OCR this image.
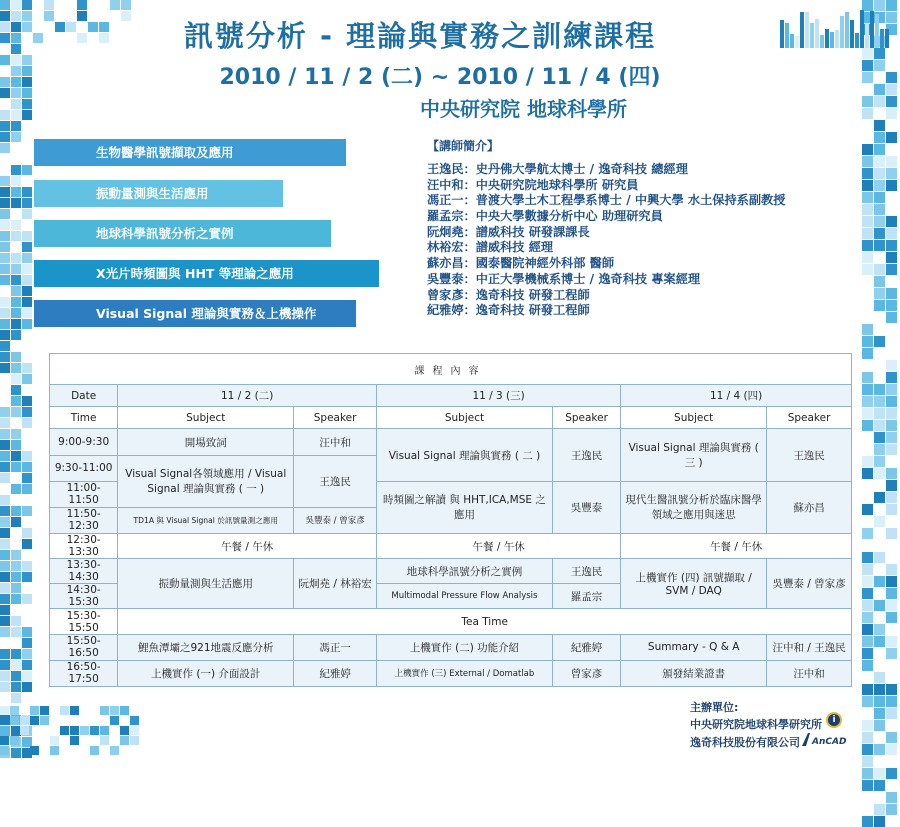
訊號分析 - 理論與實務之訓練課程
2010 / 11 / 2 (二) ~ 2010 / 11 / 4 (四)
中央研究院 地球科學所
生物醫學訊號擷取及應用
振動量測與生活應用
地球科學訊號分析之實例
X光片時頻圖與 HHT 等理論之應用
Visual Signal 理論與實務＆上機操作
【講師簡介】
王逸民：史丹佛大學航太博士 / 逸奇科技 總經理
汪中和：中央研究院地球科學所 研究員
馮正一：普渡大學土木工程學系博士 / 中興大學 水土保持系副教授
羅孟宗：中央大學數據分析中心 助理研究員
阮炯堯：譜威科技 研發課課長
林裕宏：譜威科技 經理
蘇亦昌：國泰醫院神經外科部 醫師
吳豐泰：中正大學機械系博士 / 逸奇科技 專案經理
曾家彥：逸奇科技 研發工程師
紀雅婷：逸奇科技 研發工程師
課程內容						
Date	11 / 2 (二)		11 / 3 (三)		11 / 4 (四)	
Time	Subject	Speaker	Subject	Speaker	Subject	Speaker
9:00-9:30	開場致詞	汪中和	Visual Signal 理論與實務 ( 二 )	王逸民	Visual Signal 理論與實務 ( 三 )	王逸民
9:30-11:00	Visual Signal各領域應用 / Visual Signal 理論與實務 ( 一 )	王逸民				
11:00-11:50			時頻圖之解讀 與 HHT,ICA,MSE 之應用	吳豐泰	現代生醫訊號分析於臨床醫學領域之應用與迷思	蘇亦昌
11:50-12:30	TD1A 與 Visual Signal 於訊號量測之應用	吳豐泰 / 曾家彥				
12:30-13:30	午餐 / 午休		午餐 / 午休		午餐 / 午休	
13:30-14:30	振動量測與生活應用	阮炯堯 / 林裕宏	地球科學訊號分析之實例	王逸民	上機實作 (四) 訊號擷取 / SVM / DAQ	吳豐泰 / 曾家彥
14:30-15:30			Multimodal Pressure Flow Analysis	羅孟宗		
15:30-15:50	Tea Time					
15:50-16:50	鯉魚潭壩之921地震反應分析	馮正一	上機實作 (二) 功能介紹	紀雅婷	Summary - Q & A	汪中和 / 王逸民
16:50-17:50	上機實作 (一) 介面設計	紀雅婷	上機實作 (三) External / Domatlab	曾家彥	頒發結業證書	汪中和
主辦單位:
中央研究院地球科學研究所	i
逸奇科技股份有限公司 AnCAD
